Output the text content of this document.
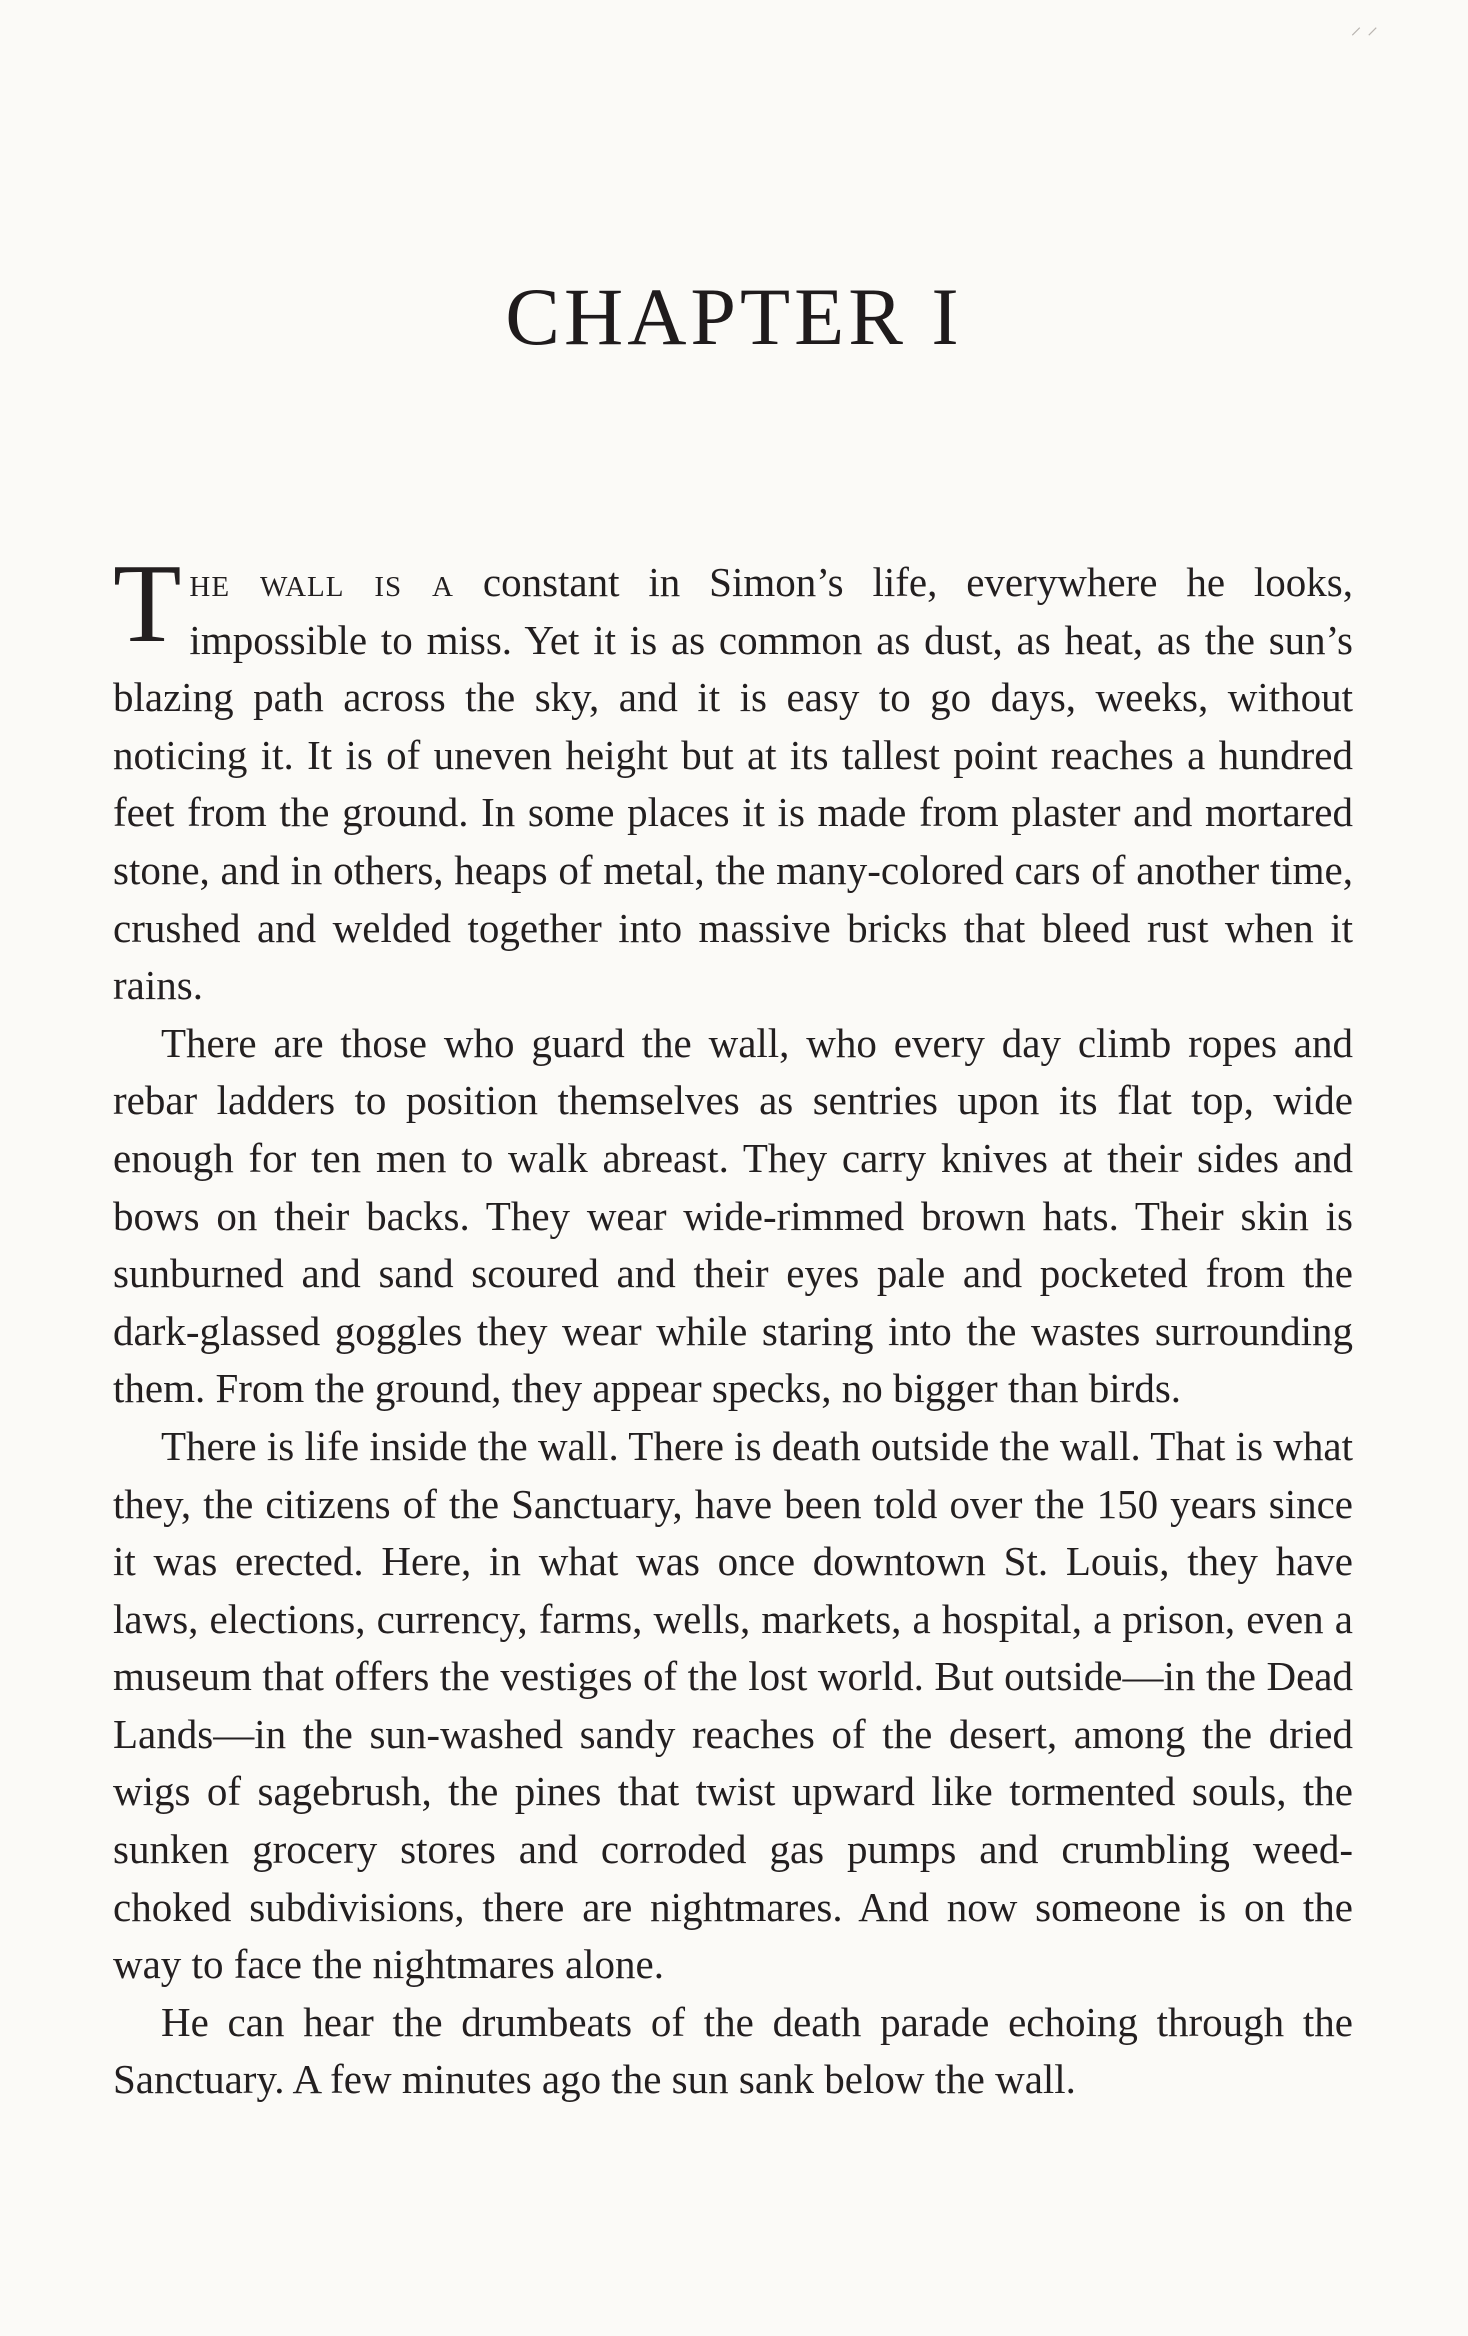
⸍ ⸍
CHAPTER I

The wall is a constant in Simon’s life, everywhere he looks, impossible to miss. Yet it is as common as dust, as heat, as the sun’s blazing path across the sky, and it is easy to go days, weeks, without noticing it. It is of uneven height but at its tallest point reaches a hundred feet from the ground. In some places it is made from plaster and mortared stone, and in others, heaps of metal, the many-colored cars of another time, crushed and welded together into massive bricks that bleed rust when it rains.

There are those who guard the wall, who every day climb ropes and rebar ladders to position themselves as sentries upon its flat top, wide enough for ten men to walk abreast. They carry knives at their sides and bows on their backs. They wear wide-rimmed brown hats. Their skin is sunburned and sand scoured and their eyes pale and pocketed from the dark-glassed goggles they wear while staring into the wastes surrounding them. From the ground, they appear specks, no bigger than birds.

There is life inside the wall. There is death outside the wall. That is what they, the citizens of the Sanctuary, have been told over the 150 years since it was erected. Here, in what was once downtown St. Louis, they have laws, elections, currency, farms, wells, markets, a hospital, a prison, even a museum that offers the vestiges of the lost world. But outside—in the Dead Lands—in the sun-washed sandy reaches of the desert, among the dried wigs of sagebrush, the pines that twist upward like tormented souls, the sunken grocery stores and corroded gas pumps and crumbling weed-choked subdivisions, there are nightmares. And now someone is on the way to face the nightmares alone.

He can hear the drumbeats of the death parade echoing through the Sanctuary. A few minutes ago the sun sank below the wall.
